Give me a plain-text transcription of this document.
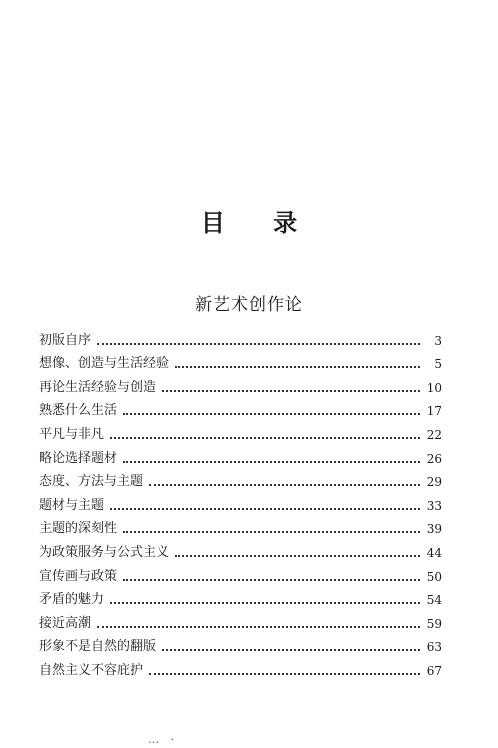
目 录
新艺术创作论
初版自序	3
想像、创造与生活经验	5
再论生活经验与创造	10
熟悉什么生活	17
平凡与非凡	22
略论选择题材	26
态度、方法与主题	29
题材与主题	33
主题的深刻性	39
为政策服务与公式主义	44
宣传画与政策	50
矛盾的魅力	54
接近高潮	59
形象不是自然的翻版	63
自然主义不容庇护	67
… ·
